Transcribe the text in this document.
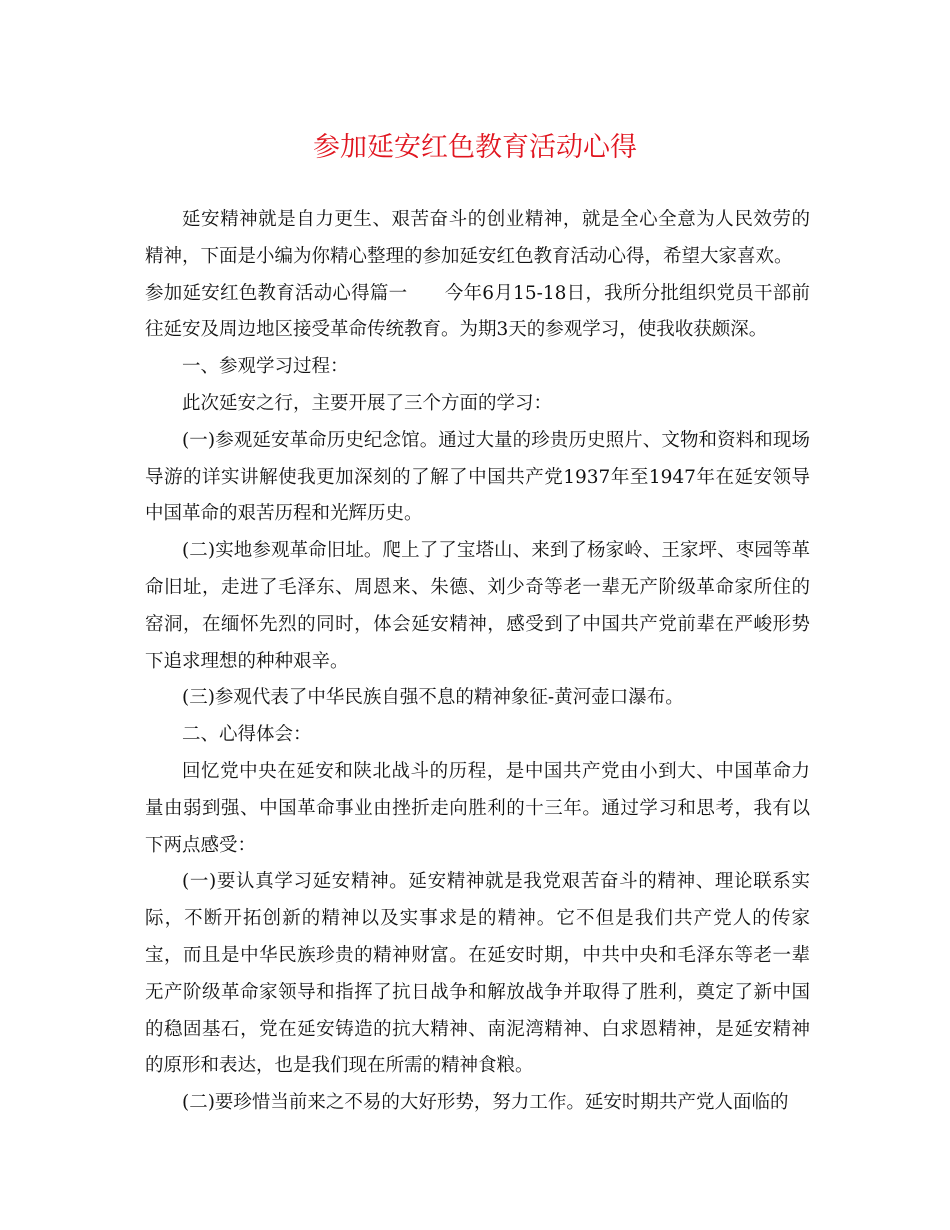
参加延安红色教育活动心得

延安精神就是自力更生、艰苦奋斗的创业精神，就是全心全意为人民效劳的精神，下面是小编为你精心整理的参加延安红色教育活动心得，希望大家喜欢。

参加延安红色教育活动心得篇一　　今年6月15-18日，我所分批组织党员干部前往延安及周边地区接受革命传统教育。为期3天的参观学习，使我收获颇深。

一、参观学习过程：

此次延安之行，主要开展了三个方面的学习：

(一)参观延安革命历史纪念馆。通过大量的珍贵历史照片、文物和资料和现场导游的详实讲解使我更加深刻的了解了中国共产党1937年至1947年在延安领导中国革命的艰苦历程和光辉历史。

(二)实地参观革命旧址。爬上了了宝塔山、来到了杨家岭、王家坪、枣园等革命旧址，走进了毛泽东、周恩来、朱德、刘少奇等老一辈无产阶级革命家所住的窑洞，在缅怀先烈的同时，体会延安精神，感受到了中国共产党前辈在严峻形势下追求理想的种种艰辛。

(三)参观代表了中华民族自强不息的精神象征-黄河壶口瀑布。

二、心得体会：

回忆党中央在延安和陕北战斗的历程，是中国共产党由小到大、中国革命力量由弱到强、中国革命事业由挫折走向胜利的十三年。通过学习和思考，我有以下两点感受：

(一)要认真学习延安精神。延安精神就是我党艰苦奋斗的精神、理论联系实际，不断开拓创新的精神以及实事求是的精神。它不但是我们共产党人的传家宝，而且是中华民族珍贵的精神财富。在延安时期，中共中央和毛泽东等老一辈无产阶级革命家领导和指挥了抗日战争和解放战争并取得了胜利，奠定了新中国的稳固基石，党在延安铸造的抗大精神、南泥湾精神、白求恩精神，是延安精神的原形和表达，也是我们现在所需的精神食粮。

(二)要珍惜当前来之不易的大好形势，努力工作。延安时期共产党人面临的
